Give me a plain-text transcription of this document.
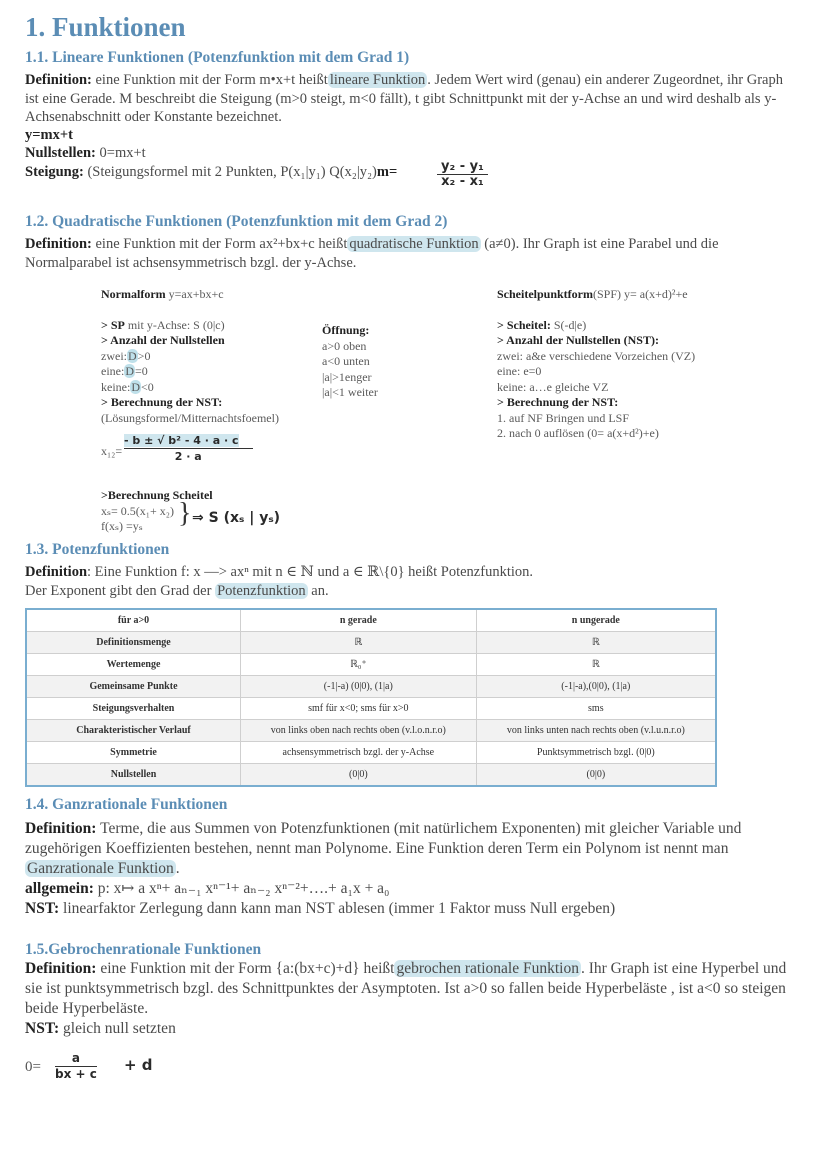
1. Funktionen
1.1. Lineare Funktionen (Potenzfunktion mit dem Grad 1)
Definition: eine Funktion mit der Form m•x+t heißt lineare Funktion . Jedem Wert wird (genau) ein anderer Zugeordnet, ihr Graph ist eine Gerade. M beschreibt die Steigung (m>0 steigt, m<0 fällt), t gibt Schnittpunkt mit der y-Achse an und wird deshalb als y-Achsenabschnitt oder Konstante bezeichnet.
y=mx+t
Nullstellen: 0=mx+t
Steigung: (Steigungsformel mit 2 Punkten, P(x₁|y₁) Q(x₂|y₂)m=	y₂ - y₁
x₂ - x₁
1.2. Quadratische Funktionen (Potenzfunktion mit dem Grad 2)
Definition: eine Funktion mit der Form ax²+bx+c heißt quadratische Funktion (a≠0). Ihr Graph ist eine Parabel und die Normalparabel ist achsensymmetrisch bzgl. der y-Achse.
Normalform y=ax+bx+c
> SP mit y-Achse: S (0|c)
> Anzahl der Nullstellen
zwei:D>0
eine:D=0
keine:D<0
> Berechnung der NST:
(Lösungsformel/Mitternachtsfoemel)
x₁₂=
- b ± √ b² - 4 · a · c
2 · a
>Berechnung Scheitel
xₛ= 0.5(x₁+ x₂)
f(xₛ) =yₛ	} ⇒ S (xₛ | yₛ)
Öffnung:
a>0 oben
a<0 unten
|a|>1enger
|a|<1 weiter
Scheitelpunktform(SPF) y= a(x+d)²+e
> Scheitel: S(-d|e)
> Anzahl der Nullstellen (NST):
zwei: a&e verschiedene Vorzeichen (VZ)
eine: e=0
keine: a…e gleiche VZ
> Berechnung der NST:
1. auf NF Bringen und LSF
2. nach 0 auflösen (0= a(x+d²)+e)
1.3. Potenzfunktionen
Definition: Eine Funktion f: x —> axⁿ mit n ∈ ℕ und a ∈ ℝ\{0} heißt Potenzfunktion.
Der Exponent gibt den Grad der Potenzfunktion an.
für a>0	n gerade	n ungerade
Definitionsmenge	ℝ	ℝ
Wertemenge	ℝ₀⁺	ℝ
Gemeinsame Punkte	(-1|-a) (0|0), (1|a)	(-1|-a),(0|0), (1|a)
Steigungsverhalten	smf für x<0; sms für x>0	sms
Charakteristischer Verlauf	von links oben nach rechts oben (v.l.o.n.r.o)	von links unten nach rechts oben (v.l.u.n.r.o)
Symmetrie	achsensymmetrisch bzgl. der y-Achse	Punktsymmetrisch bzgl. (0|0)
Nullstellen	(0|0)	(0|0)
1.4. Ganzrationale Funktionen
Definition: Terme, die aus Summen von Potenzfunktionen (mit natürlichem Exponenten) mit gleicher Variable und zugehörigen Koeffizienten bestehen, nennt man Polynome. Eine Funktion deren Term ein Polynom ist nennt man Ganzrationale Funktion .
allgemein: p: x↦ a xⁿ+ aₙ₋₁ xⁿ⁻¹+ aₙ₋₂ xⁿ⁻²+….+ a₁x + a₀
NST: linearfaktor Zerlegung dann kann man NST ablesen (immer 1 Faktor muss Null ergeben)
1.5.Gebrochenrationale Funktionen
Definition: eine Funktion mit der Form {a:(bx+c)+d} heißt gebrochen rationale Funktion . Ihr Graph ist eine Hyperbel und sie ist punktsymmetrisch bzgl. des Schnittpunktes der Asymptoten. Ist a>0 so fallen beide Hyperbeläste , ist a<0 so steigen beide Hyperbeläste.
NST: gleich null setzten
0=
a
bx + c + d
